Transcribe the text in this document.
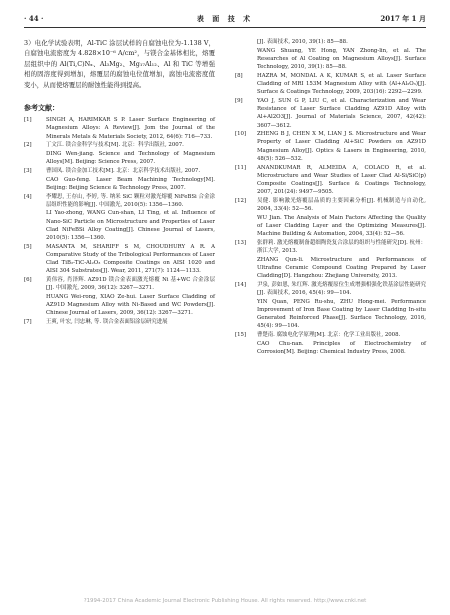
· 44 ·	表 面 技 术	2017 年 1 月

3）电化学试验表明，Al-TiC 涂层试样的自腐蚀电位为-1.138 V，自腐蚀电流密度为 4.828×10⁻⁶ A/cm²，与镁合金基体相比，熔覆层组织中的 Al(Ti,C)Nₓ、Al₃Mg₂、Mg₁₇Al₁₂、Al 和 TiC 等增强相的固溶度得到增加，熔覆层的腐蚀电位值增加，腐蚀电流密度值变小，从而使熔覆层的耐蚀性能得到提高。

参考文献：
[1]	SINGH A, HARIMKAR S P. Laser Surface Engineering of Magnesium Alloys: A Review[J]. Jom the Journal of the Minerals Metals & Materials Society, 2012, 64(6): 716—733.
[2]	丁文江. 镁合金科学与技术[M]. 北京：科学出版社, 2007.
DING Wen-jiang. Science and Technology of Magnesium Alloys[M]. Beijing: Science Press, 2007.
[3]	曹国凤. 镁合金加工技术[M]. 北京：北京科学技术出版社, 2007.
CAO Guo-feng. Laser Beam Machining Technology[M]. Beijing: Beijing Science & Technology Press, 2007.
[4]	李耀思, 王存山, 李婷, 等. 纳米 SiC 颗粒对激光熔覆 NiFeBSi 合金涂层组织性能的影响[J]. 中国激光, 2010(5): 1356—1360.
LI Yao-zhong, WANG Cun-shan, LI Ting, et al. Influence of Nano-SiC Particle on Microstructure and Properties of Laser Clad NiFeBSi Alloy Coating[J]. Chinese Journal of Lasers, 2010(5): 1356—1360.
[5]	MASANTA M, SHARIFF S M, CHOUDHURY A R. A Comparative Study of the Tribological Performances of Laser Clad TiB₂-TiC-Al₂O₃ Composite Coatings on AISI 1020 and AISI 304 Substrates[J]. Wear, 2011, 271(7): 1124—1133.
[6]	黄伟容, 肖泽辉. AZ91D 镁合金表面激光熔覆 Ni 基+WC 合金涂层[J]. 中国激光, 2009, 36(12): 3267—3271.
HUANG Wei-rong, XIAO Ze-hui. Laser Surface Cladding of AZ91D Magnesium Alloy with Ni-Based and WC Powders[J]. Chinese Journal of Lasers, 2009, 36(12): 3267—3271.
[7]	王爽, 叶宏, 闫忠琳, 等. 镁合金表面铝涂层研究进展
[J]. 表面技术, 2010, 39(1): 85—88.
WANG Shuang, YE Hong, YAN Zhong-lin, et al. The Researches of Al Coating on Magnesium Alloys[J]. Surface Technology, 2010, 39(1): 85—88.
[8]	HAZRA M, MONDAL A K, KUMAR S, et al. Laser Surface Cladding of MRI 153M Magnesium Alloy with (Al+Al₂O₃)[J]. Surface & Coatings Technology, 2009, 203(16): 2292—2299.
[9]	YAO J, SUN G P, LIU C, et al. Characterization and Wear Resistance of Laser Surface Cladding AZ91D Alloy with Al+Al2O3[J]. Journal of Materials Science, 2007, 42(42): 3607—3612.
[10]	ZHENG B J, CHEN X M, LIAN J S. Microstructure and Wear Property of Laser Cladding Al+SiC Powders on AZ91D Magnesium Alloy[J]. Optics & Lasers in Engineering, 2010, 48(5): 526—532.
[11]	ANANDKUMAR R, ALMEIDA A, COLACO R, et al. Microstructure and Wear Studies of Laser Clad Al-Si/SiC(p) Composite Coatings[J]. Surface & Coatings Technology, 2007, 201(24): 9497—9505.
[12]	吴健. 影响激光熔覆层品质的主要因素分析[J]. 机械制造与自动化, 2004, 33(4): 52—56.
WU Jian. The Analysis of Main Factors Affecting the Quality of Laser Cladding Layer and the Optimizing Measures[J]. Machine Building & Automation, 2004, 33(4): 52—56.
[13]	张群莉. 激光熔覆制备超细陶瓷复合涂层的组织与性能研究[D]. 杭州：浙江大学, 2013.
ZHANG Qun-li. Microstructure and Performances of Ultrafine Ceramic Compound Coating Prepared by Laser Cladding[D]. Hangzhou: Zhejiang University, 2013.
[14]	尹泉, 彭如恩, 朱红辉. 激光熔覆原位生成增强相强化铁基涂层性能研究[J]. 表面技术, 2016, 45(4): 99—104.
YIN Quan, PENG Ru-shu, ZHU Hong-mei. Performance Improvement of Iron Base Coating by Laser Cladding In-situ Generated Reinforced Phase[J]. Surface Technology, 2016, 45(4): 99—104.
[15]	曹楚南. 腐蚀电化学原理[M]. 北京：化学工业出版社, 2008.
CAO Chu-nan. Principles of Electrochemistry of Corrosion[M]. Beijing: Chemical Industry Press, 2008.
?1994-2017 China Academic Journal Electronic Publishing House. All rights reserved. http://www.cnki.net
